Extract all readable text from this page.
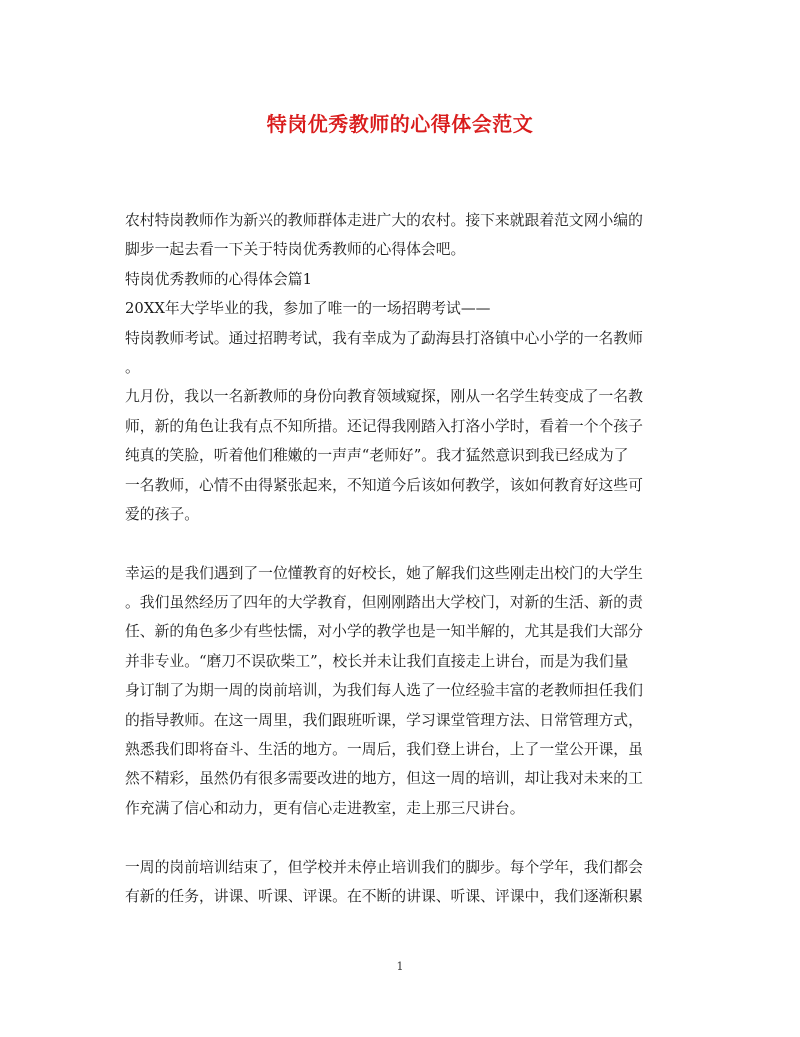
特岗优秀教师的心得体会范文
农村特岗教师作为新兴的教师群体走进广大的农村。接下来就跟着范文网小编的
脚步一起去看一下关于特岗优秀教师的心得体会吧。
特岗优秀教师的心得体会篇1
20XX年大学毕业的我，参加了唯一的一场招聘考试——
特岗教师考试。通过招聘考试，我有幸成为了勐海县打洛镇中心小学的一名教师
。
九月份，我以一名新教师的身份向教育领域窥探，刚从一名学生转变成了一名教
师，新的角色让我有点不知所措。还记得我刚踏入打洛小学时，看着一个个孩子
纯真的笑脸，听着他们稚嫩的一声声“老师好”。我才猛然意识到我已经成为了
一名教师，心情不由得紧张起来，不知道今后该如何教学，该如何教育好这些可
爱的孩子。
幸运的是我们遇到了一位懂教育的好校长，她了解我们这些刚走出校门的大学生
。我们虽然经历了四年的大学教育，但刚刚踏出大学校门，对新的生活、新的责
任、新的角色多少有些怯懦，对小学的教学也是一知半解的，尤其是我们大部分
并非专业。“磨刀不误砍柴工”，校长并未让我们直接走上讲台，而是为我们量
身订制了为期一周的岗前培训，为我们每人选了一位经验丰富的老教师担任我们
的指导教师。在这一周里，我们跟班听课，学习课堂管理方法、日常管理方式，
熟悉我们即将奋斗、生活的地方。一周后，我们登上讲台，上了一堂公开课，虽
然不精彩，虽然仍有很多需要改进的地方，但这一周的培训，却让我对未来的工
作充满了信心和动力，更有信心走进教室，走上那三尺讲台。
一周的岗前培训结束了，但学校并未停止培训我们的脚步。每个学年，我们都会
有新的任务，讲课、听课、评课。在不断的讲课、听课、评课中，我们逐渐积累
1
